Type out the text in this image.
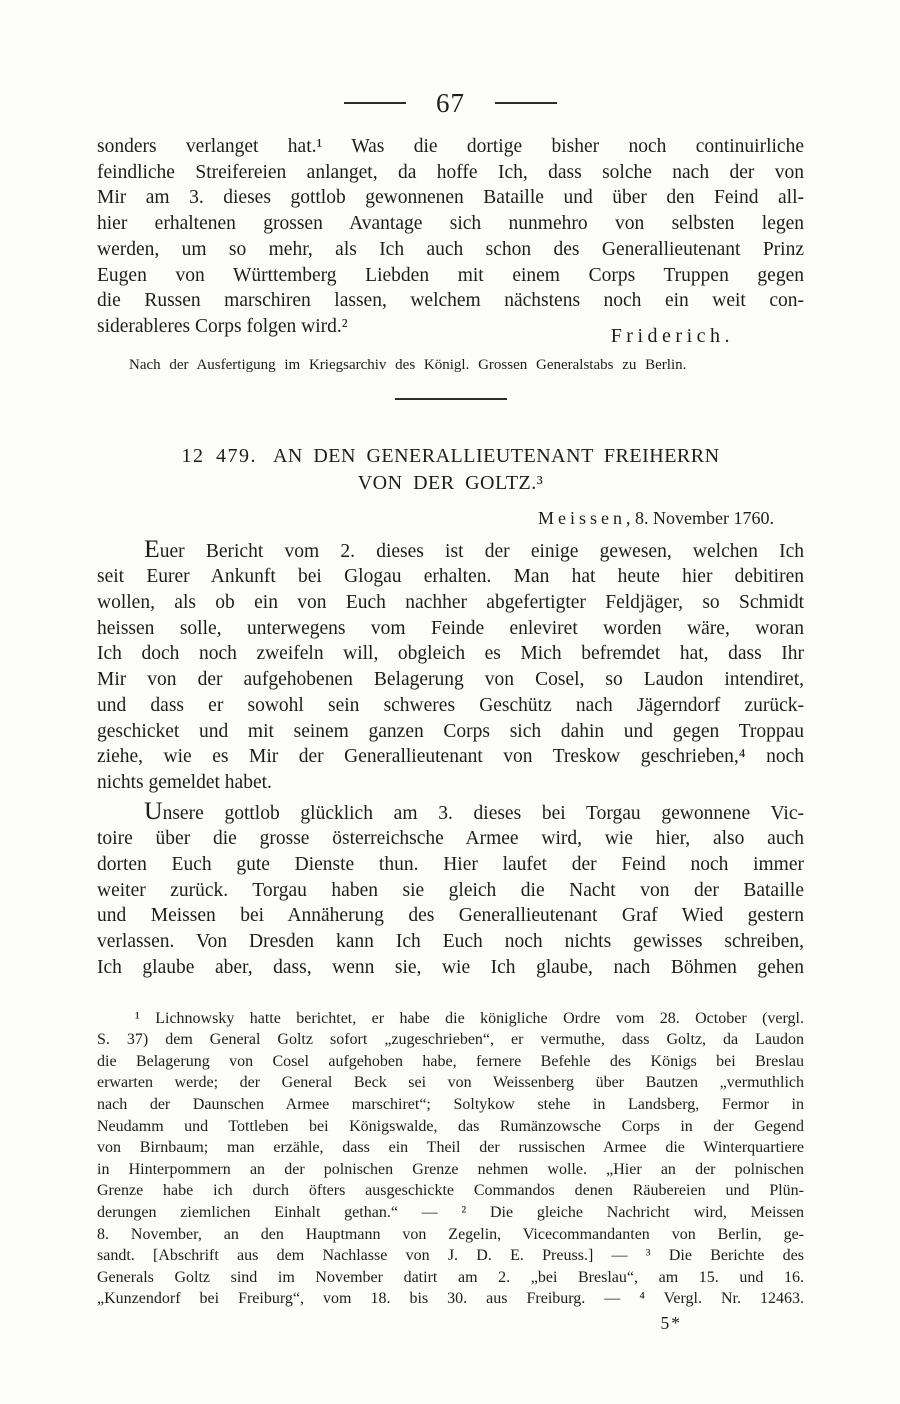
67
sonders verlanget hat.¹ Was die dortige bisher noch continuirliche
feindliche Streifereien anlanget, da hoffe Ich, dass solche nach der von
Mir am 3. dieses gottlob gewonnenen Bataille und über den Feind all-
hier erhaltenen grossen Avantage sich nunmehro von selbsten legen
werden, um so mehr, als Ich auch schon des Generallieutenant Prinz
Eugen von Württemberg Liebden mit einem Corps Truppen gegen
die Russen marschiren lassen, welchem nächstens noch ein weit con-
siderableres Corps folgen wird.²	Friderich.
Nach der Ausfertigung im Kriegsarchiv des Königl. Grossen Generalstabs zu Berlin.
12 479. AN DEN GENERALLIEUTENANT FREIHERRN
VON DER GOLTZ.³
Meissen, 8. November 1760.
Euer Bericht vom 2. dieses ist der einige gewesen, welchen Ich
seit Eurer Ankunft bei Glogau erhalten. Man hat heute hier debitiren
wollen, als ob ein von Euch nachher abgefertigter Feldjäger, so Schmidt
heissen solle, unterwegens vom Feinde enleviret worden wäre, woran
Ich doch noch zweifeln will, obgleich es Mich befremdet hat, dass Ihr
Mir von der aufgehobenen Belagerung von Cosel, so Laudon intendiret,
und dass er sowohl sein schweres Geschütz nach Jägerndorf zurück-
geschicket und mit seinem ganzen Corps sich dahin und gegen Troppau
ziehe, wie es Mir der Generallieutenant von Treskow geschrieben,⁴ noch
nichts gemeldet habet.
Unsere gottlob glücklich am 3. dieses bei Torgau gewonnene Vic-
toire über die grosse österreichsche Armee wird, wie hier, also auch
dorten Euch gute Dienste thun. Hier laufet der Feind noch immer
weiter zurück. Torgau haben sie gleich die Nacht von der Bataille
und Meissen bei Annäherung des Generallieutenant Graf Wied gestern
verlassen. Von Dresden kann Ich Euch noch nichts gewisses schreiben,
Ich glaube aber, dass, wenn sie, wie Ich glaube, nach Böhmen gehen
¹ Lichnowsky hatte berichtet, er habe die königliche Ordre vom 28. October (vergl.
S. 37) dem General Goltz sofort „zugeschrieben“, er vermuthe, dass Goltz, da Laudon
die Belagerung von Cosel aufgehoben habe, fernere Befehle des Königs bei Breslau
erwarten werde; der General Beck sei von Weissenberg über Bautzen „vermuthlich
nach der Daunschen Armee marschiret“; Soltykow stehe in Landsberg, Fermor in
Neudamm und Tottleben bei Königswalde, das Rumänzowsche Corps in der Gegend
von Birnbaum; man erzähle, dass ein Theil der russischen Armee die Winterquartiere
in Hinterpommern an der polnischen Grenze nehmen wolle. „Hier an der polnischen
Grenze habe ich durch öfters ausgeschickte Commandos denen Räubereien und Plün-
derungen ziemlichen Einhalt gethan.“ — ² Die gleiche Nachricht wird, Meissen
8. November, an den Hauptmann von Zegelin, Vicecommandanten von Berlin, ge-
sandt. [Abschrift aus dem Nachlasse von J. D. E. Preuss.] — ³ Die Berichte des
Generals Goltz sind im November datirt am 2. „bei Breslau“, am 15. und 16.
„Kunzendorf bei Freiburg“, vom 18. bis 30. aus Freiburg. — ⁴ Vergl. Nr. 12463.
5*
